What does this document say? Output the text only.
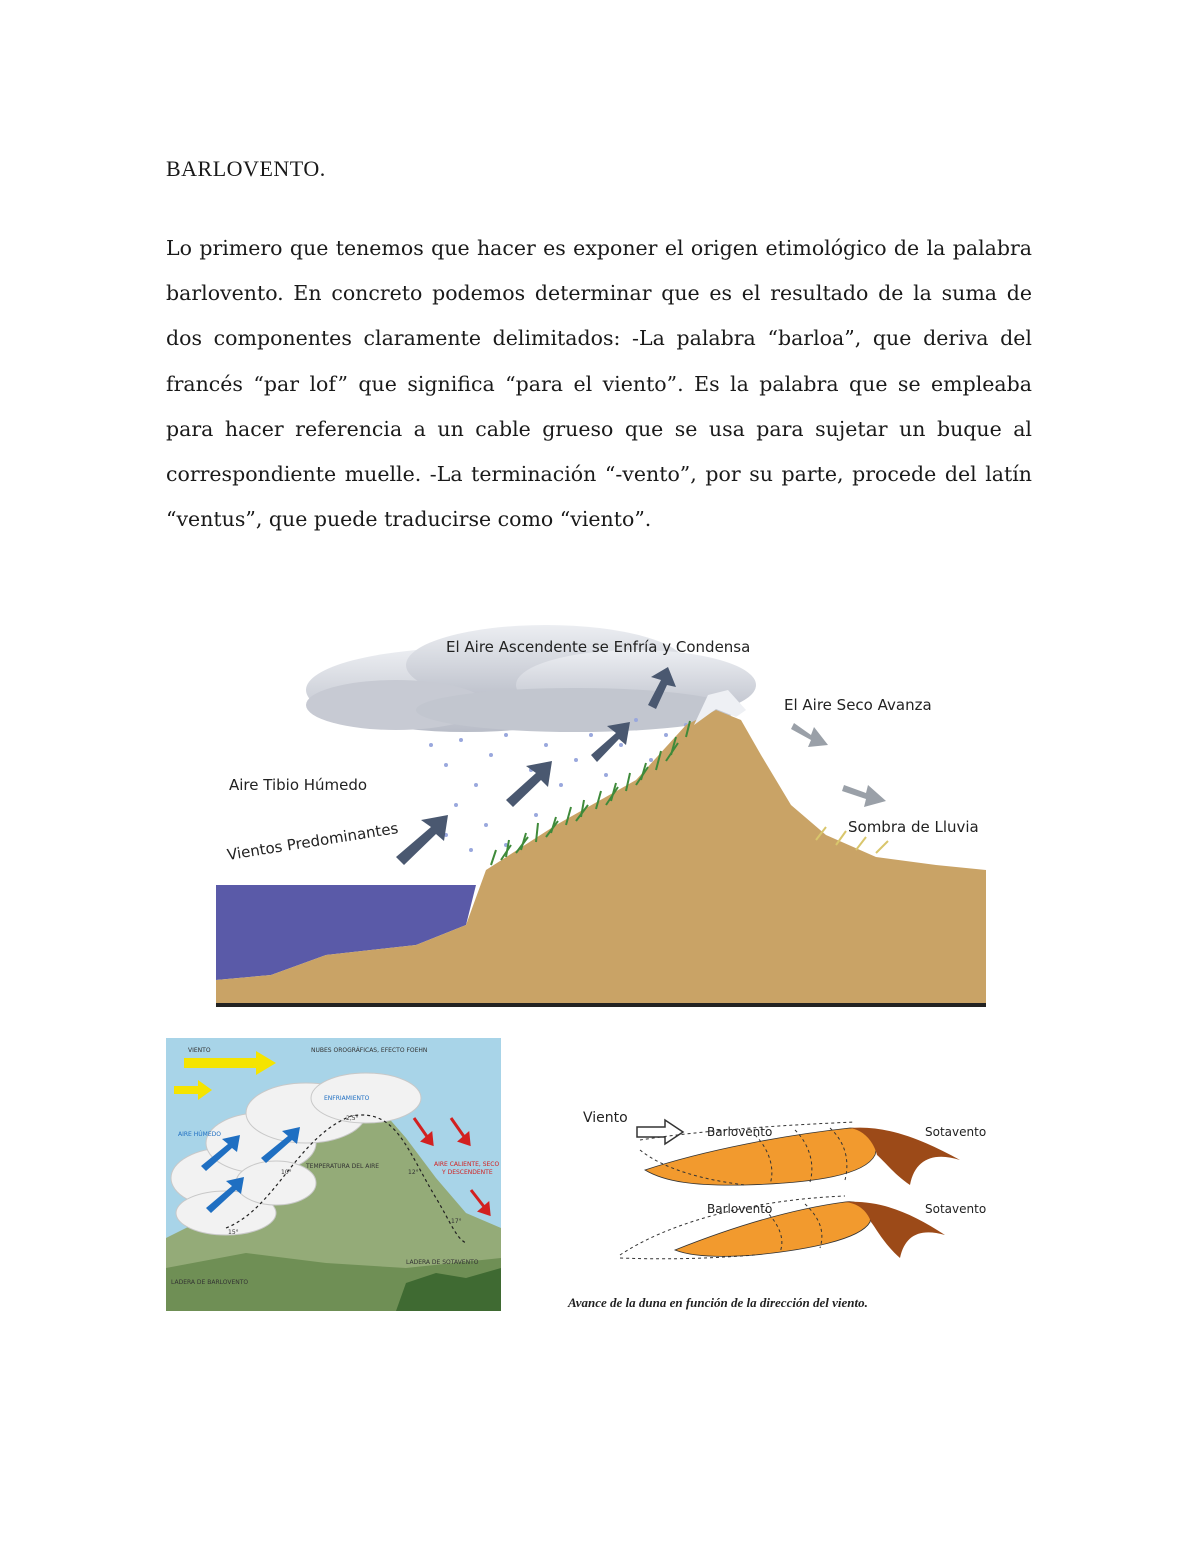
BARLOVENTO.

Lo primero que tenemos que hacer es exponer el origen etimológico de la palabra barlovento. En concreto podemos determinar que es el resultado de la suma de dos componentes claramente delimitados: -La palabra “barloa”, que deriva del francés “par lof” que significa “para el viento”. Es la palabra que se empleaba para hacer referencia a un cable grueso que se usa para sujetar un buque al correspondiente muelle. -La terminación “-vento”, por su parte, procede del latín “ventus”, que puede traducirse como “viento”.

El Aire Ascendente se Enfría y Condensa
El Aire Seco Avanza
Aire Tibio Húmedo
Vientos Predominantes	Sombra de Lluvia
VIENTO	NUBES OROGRÁFICAS, EFECTO FOEHN
ENFRIAMIENTO
AIRE HÚMEDO
TEMPERATURA DEL AIRE	AIRE CALIENTE, SECO
Y DESCENDENTE
LADERA DE BARLOVENTO
LADERA DE SOTAVENTO
2,5°
10°	12°
15°
17°
Viento
Barlovento	Sotavento
Barlovento	Sotavento
Avance de la duna en función de la dirección del viento.
